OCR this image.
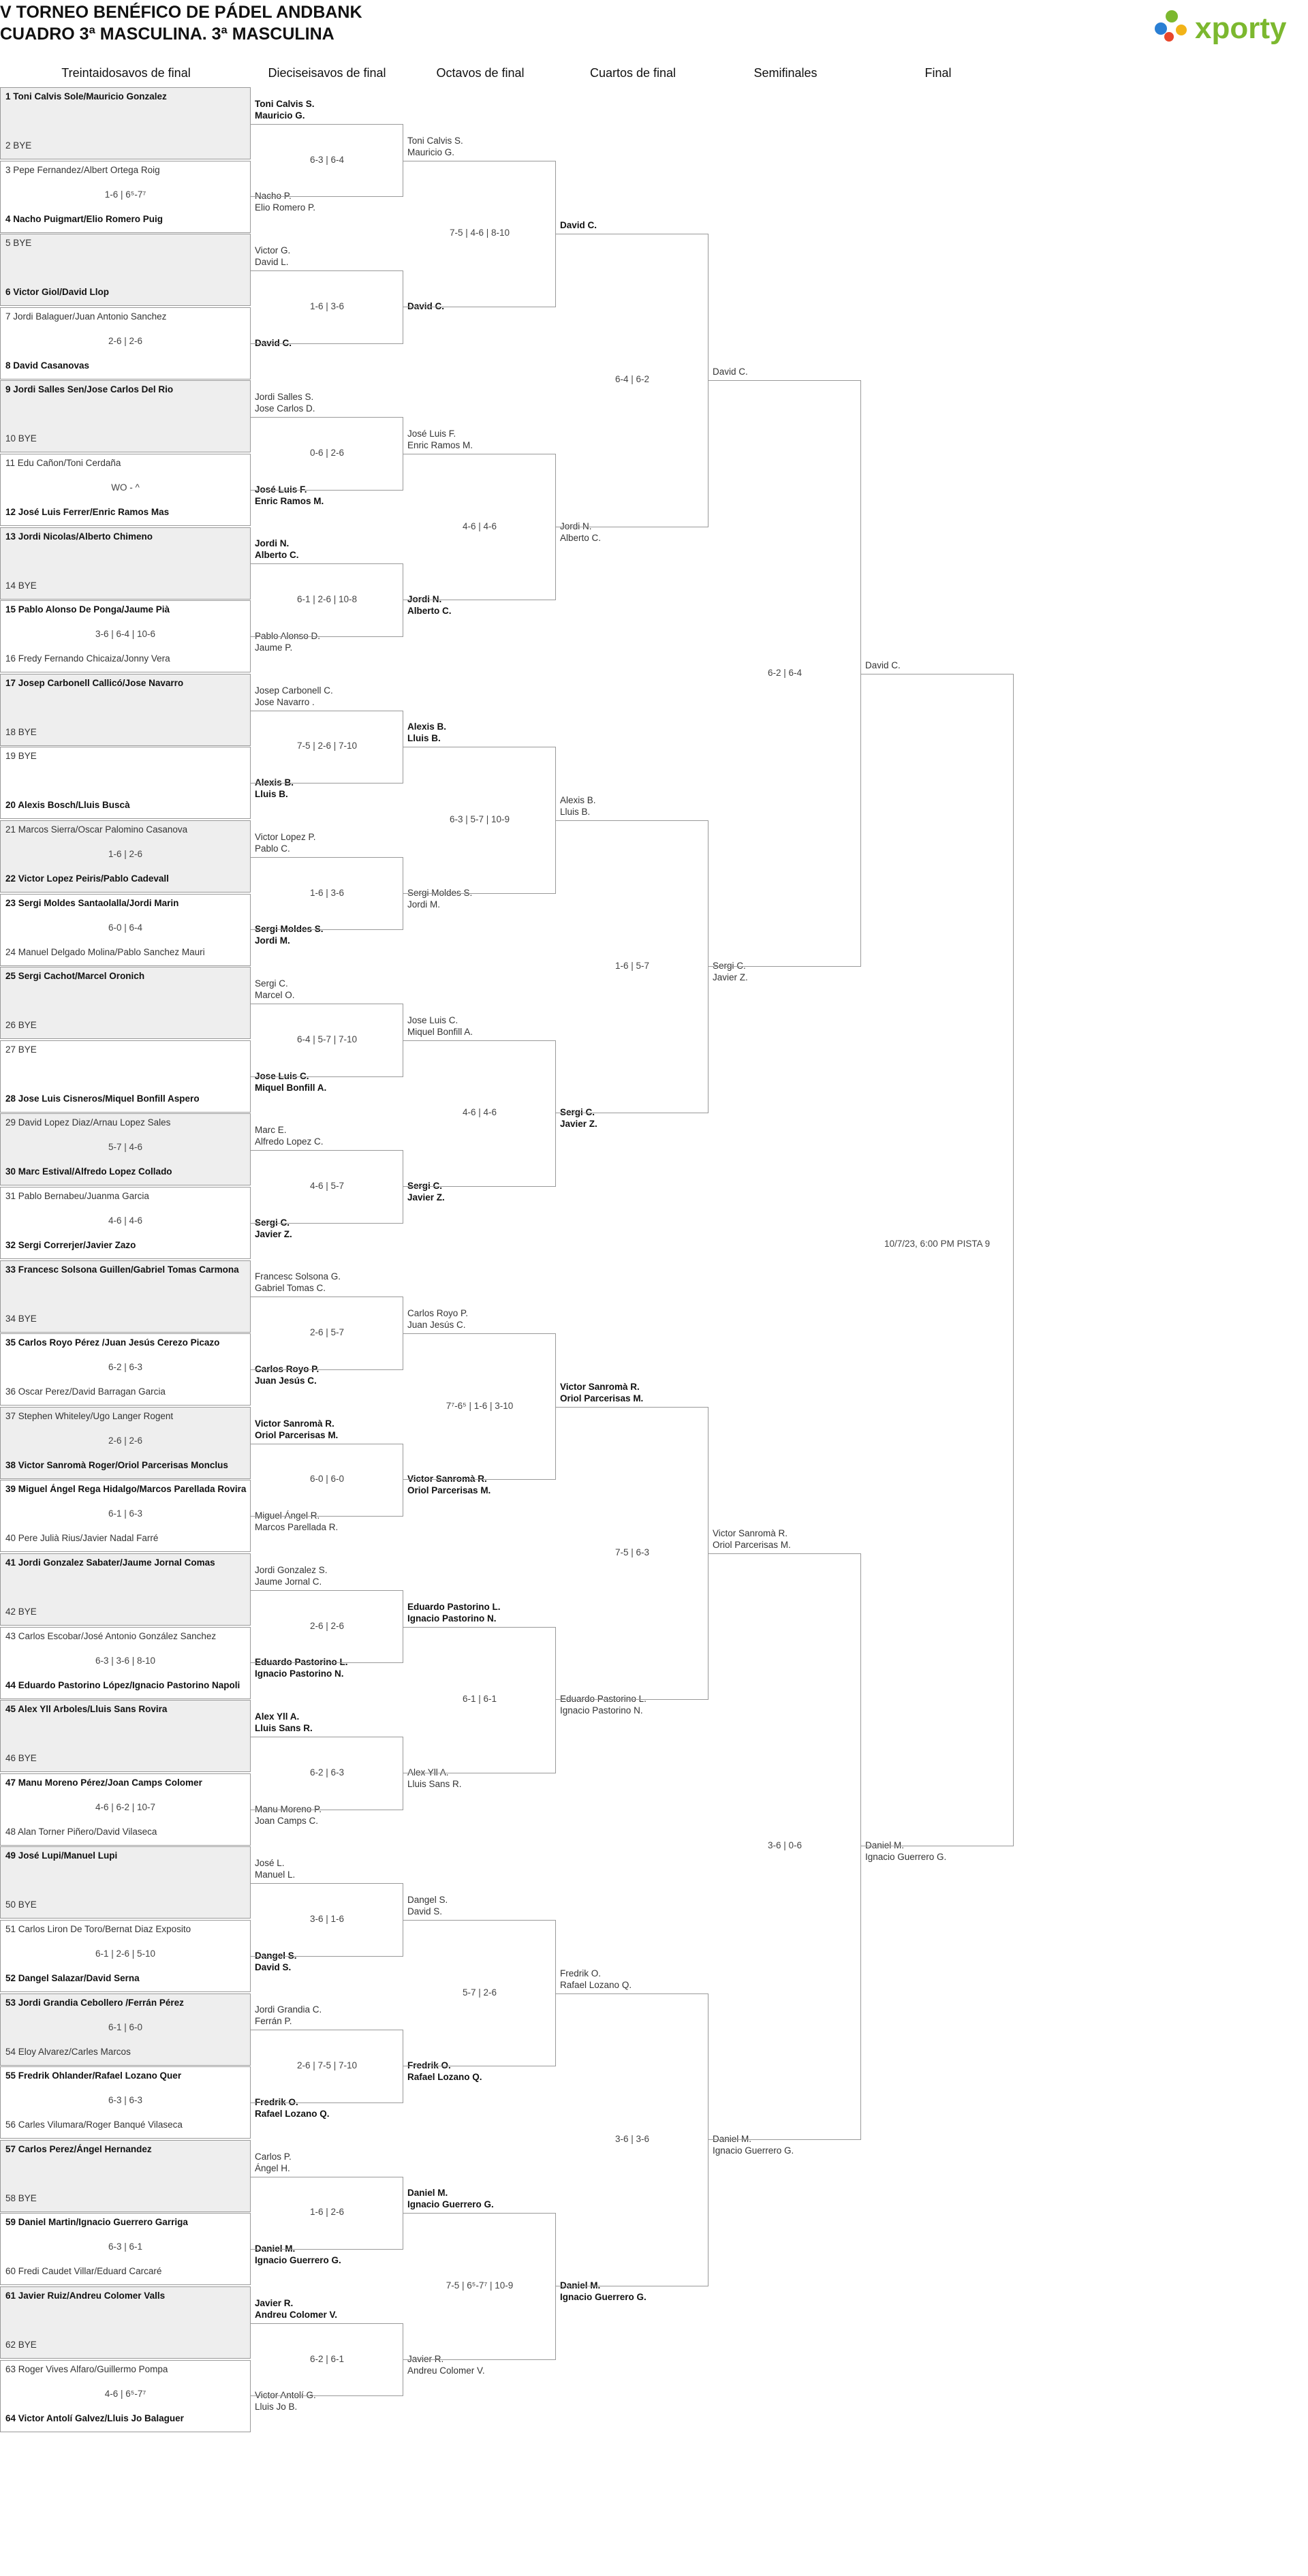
V TORNEO BENÉFICO DE PÁDEL ANDBANK
CUADRO 3ª MASCULINA. 3ª MASCULINA	xporty
Treintaidosavos de final	Dieciseisavos de final	Octavos de final	Cuartos de final	Semifinales	Final
1 Toni Calvis Sole/Mauricio Gonzalez
2 BYE
3 Pepe Fernandez/Albert Ortega Roig
4 Nacho Puigmart/Elio Romero Puig
1-6 | 6⁵-7⁷
5 BYE
6 Victor Giol/David Llop
7 Jordi Balaguer/Juan Antonio Sanchez
8 David Casanovas
2-6 | 2-6
9 Jordi Salles Sen/Jose Carlos Del Rio
10 BYE
11 Edu Cañon/Toni Cerdaña
12 José Luis Ferrer/Enric Ramos Mas
WO - ^
13 Jordi Nicolas/Alberto Chimeno
14 BYE
15 Pablo Alonso De Ponga/Jaume Pià
16 Fredy Fernando Chicaiza/Jonny Vera
3-6 | 6-4 | 10-6
17 Josep Carbonell Callicó/Jose Navarro
18 BYE
19 BYE
20 Alexis Bosch/Lluis Buscà
21 Marcos Sierra/Oscar Palomino Casanova
22 Victor Lopez Peiris/Pablo Cadevall
1-6 | 2-6
23 Sergi Moldes Santaolalla/Jordi Marin
24 Manuel Delgado Molina/Pablo Sanchez Mauri
6-0 | 6-4
25 Sergi Cachot/Marcel Oronich
26 BYE
27 BYE
28 Jose Luis Cisneros/Miquel Bonfill Aspero
29 David Lopez Diaz/Arnau Lopez Sales
30 Marc Estival/Alfredo Lopez Collado
5-7 | 4-6
31 Pablo Bernabeu/Juanma Garcia
32 Sergi Correrjer/Javier Zazo
4-6 | 4-6
33 Francesc Solsona Guillen/Gabriel Tomas Carmona
34 BYE
35 Carlos Royo Pérez /Juan Jesús Cerezo Picazo
36 Oscar Perez/David Barragan Garcia
6-2 | 6-3
37 Stephen Whiteley/Ugo Langer Rogent
38 Victor Sanromà Roger/Oriol Parcerisas Monclus
2-6 | 2-6
39 Miguel Ángel Rega Hidalgo/Marcos Parellada Rovira
40 Pere Julià Rius/Javier Nadal Farré
6-1 | 6-3
41 Jordi Gonzalez Sabater/Jaume Jornal Comas
42 BYE
43 Carlos Escobar/José Antonio González Sanchez
44 Eduardo Pastorino López/Ignacio Pastorino Napoli
6-3 | 3-6 | 8-10
45 Alex Yll Arboles/Lluis Sans Rovira
46 BYE
47 Manu Moreno Pérez/Joan Camps Colomer
48 Alan Torner Piñero/David Vilaseca
4-6 | 6-2 | 10-7
49 José Lupi/Manuel Lupi
50 BYE
51 Carlos Liron De Toro/Bernat Diaz Exposito
52 Dangel Salazar/David Serna
6-1 | 2-6 | 5-10
53 Jordi Grandia Cebollero /Ferrán Pérez
54 Eloy Alvarez/Carles Marcos
6-1 | 6-0
55 Fredrik Ohlander/Rafael Lozano Quer
56 Carles Vilumara/Roger Banqué Vilaseca
6-3 | 6-3
57 Carlos Perez/Ángel Hernandez
58 BYE
59 Daniel Martin/Ignacio Guerrero Garriga
60 Fredi Caudet Villar/Eduard Carcaré
6-3 | 6-1
61 Javier Ruiz/Andreu Colomer Valls
62 BYE
63 Roger Vives Alfaro/Guillermo Pompa
64 Victor Antolí Galvez/Lluis Jo Balaguer
4-6 | 6⁵-7⁷
Toni Calvis S.
Mauricio G.
Nacho P.
Elio Romero P.
6-3 | 6-4
Victor G.
David L.
David C.
1-6 | 3-6
Jordi Salles S.
Jose Carlos D.
José Luis F.
Enric Ramos M.
0-6 | 2-6
Jordi N.
Alberto C.
Pablo Alonso D.
Jaume P.
6-1 | 2-6 | 10-8
Josep Carbonell C.
Jose Navarro .
Alexis B.
Lluis B.
7-5 | 2-6 | 7-10
Victor Lopez P.
Pablo C.
Sergi Moldes S.
Jordi M.
1-6 | 3-6
Sergi C.
Marcel O.
Jose Luis C.
Miquel Bonfill A.
6-4 | 5-7 | 7-10
Marc E.
Alfredo Lopez C.
Sergi C.
Javier Z.
4-6 | 5-7
Francesc Solsona G.
Gabriel Tomas C.
Carlos Royo P.
Juan Jesús C.
2-6 | 5-7
Victor Sanromà R.
Oriol Parcerisas M.
Miguel Ángel R.
Marcos Parellada R.
6-0 | 6-0
Jordi Gonzalez S.
Jaume Jornal C.
Eduardo Pastorino L.
Ignacio Pastorino N.
2-6 | 2-6
Alex Yll A.
Lluis Sans R.
Manu Moreno P.
Joan Camps C.
6-2 | 6-3
José L.
Manuel L.
Dangel S.
David S.
3-6 | 1-6
Jordi Grandia C.
Ferrán P.
Fredrik O.
Rafael Lozano Q.
2-6 | 7-5 | 7-10
Carlos P.
Ángel H.
Daniel M.
Ignacio Guerrero G.
1-6 | 2-6
Javier R.
Andreu Colomer V.
Victor Antolí G.
Lluis Jo B.
6-2 | 6-1
Toni Calvis S.
Mauricio G.
David C.
7-5 | 4-6 | 8-10
José Luis F.
Enric Ramos M.
Jordi N.
Alberto C.
4-6 | 4-6
Alexis B.
Lluis B.
Sergi Moldes S.
Jordi M.
6-3 | 5-7 | 10-9
Jose Luis C.
Miquel Bonfill A.
Sergi C.
Javier Z.
4-6 | 4-6
Carlos Royo P.
Juan Jesús C.
Victor Sanromà R.
Oriol Parcerisas M.
7⁷-6⁵ | 1-6 | 3-10
Eduardo Pastorino L.
Ignacio Pastorino N.
Alex Yll A.
Lluis Sans R.
6-1 | 6-1
Dangel S.
David S.
Fredrik O.
Rafael Lozano Q.
5-7 | 2-6
Daniel M.
Ignacio Guerrero G.
Javier R.
Andreu Colomer V.
7-5 | 6⁵-7⁷ | 10-9
David C.
Jordi N.
Alberto C.
6-4 | 6-2
Alexis B.
Lluis B.
Sergi C.
Javier Z.
1-6 | 5-7
Victor Sanromà R.
Oriol Parcerisas M.
Eduardo Pastorino L.
Ignacio Pastorino N.
7-5 | 6-3
Fredrik O.
Rafael Lozano Q.
Daniel M.
Ignacio Guerrero G.
3-6 | 3-6
David C.
Sergi C.
Javier Z.
6-2 | 6-4
Victor Sanromà R.
Oriol Parcerisas M.
Daniel M.
Ignacio Guerrero G.
3-6 | 0-6
David C.
Daniel M.
Ignacio Guerrero G.
10/7/23, 6:00 PM PISTA 9
